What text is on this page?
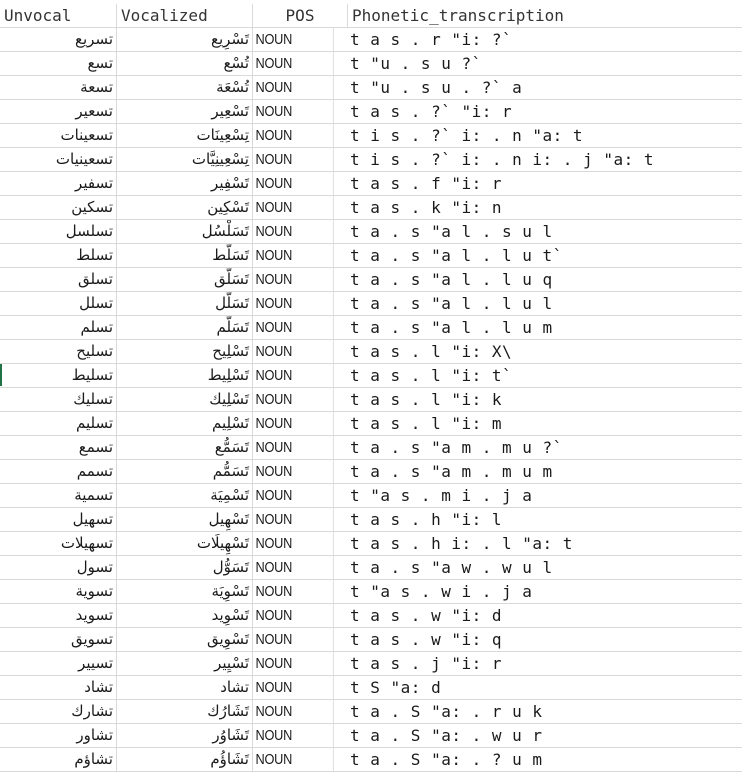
Unvocal	Vocalized	POS	Phonetic_transcription
تسريع	تَسْرِيع NOUN	t a s . r "i: ?`
تسع	تُسْع NOUN	t "u . s u ?`
تسعة	تُسْعَة NOUN	t "u . s u . ?` a
تسعير	تَسْعِير NOUN	t a s . ?` "i: r
تسعينات	تِسْعِينَات NOUN	t i s . ?` i: . n "a: t
تسعينيات	تِسْعِينِيَّات NOUN	t i s . ?` i: . n i: . j "a: t
تسفير	تَسْفِير NOUN	t a s . f "i: r
تسكين	تَسْكِين NOUN	t a s . k "i: n
تسلسل	تَسَلْسُل NOUN	t a . s "a l . s u l
تسلط	تَسَلُّط NOUN	t a . s "a l . l u t`
تسلق	تَسَلُّق NOUN	t a . s "a l . l u q
تسلل	تَسَلُّل NOUN	t a . s "a l . l u l
تسلم	تَسَلُّم NOUN	t a . s "a l . l u m
تسليح	تَسْلِيح NOUN	t a s . l "i: X\
تسليط	تَسْلِيط NOUN	t a s . l "i: t`
تسليك	تَسْلِيك NOUN	t a s . l "i: k
تسليم	تَسْلِيم NOUN	t a s . l "i: m
تسمع	تَسَمُّع NOUN	t a . s "a m . m u ?`
تسمم	تَسَمُّم NOUN	t a . s "a m . m u m
تسمية	تَسْمِيَة NOUN	t "a s . m i . j a
تسهيل	تَسْهِيل NOUN	t a s . h "i: l
تسهيلات	تَسْهِيلَات NOUN	t a s . h i: . l "a: t
تسول	تَسَوُّل NOUN	t a . s "a w . w u l
تسوية	تَسْوِيَة NOUN	t "a s . w i . j a
تسويد	تَسْوِيد NOUN	t a s . w "i: d
تسويق	تَسْوِيق NOUN	t a s . w "i: q
تسيير	تَسْيِير NOUN	t a s . j "i: r
تشاد	تشاد NOUN	t S "a: d
تشارك	تَشَارُك NOUN	t a . S "a: . r u k
تشاور	تَشَاوُر NOUN	t a . S "a: . w u r
تشاؤم	تَشَاؤُم NOUN	t a . S "a: . ? u m
